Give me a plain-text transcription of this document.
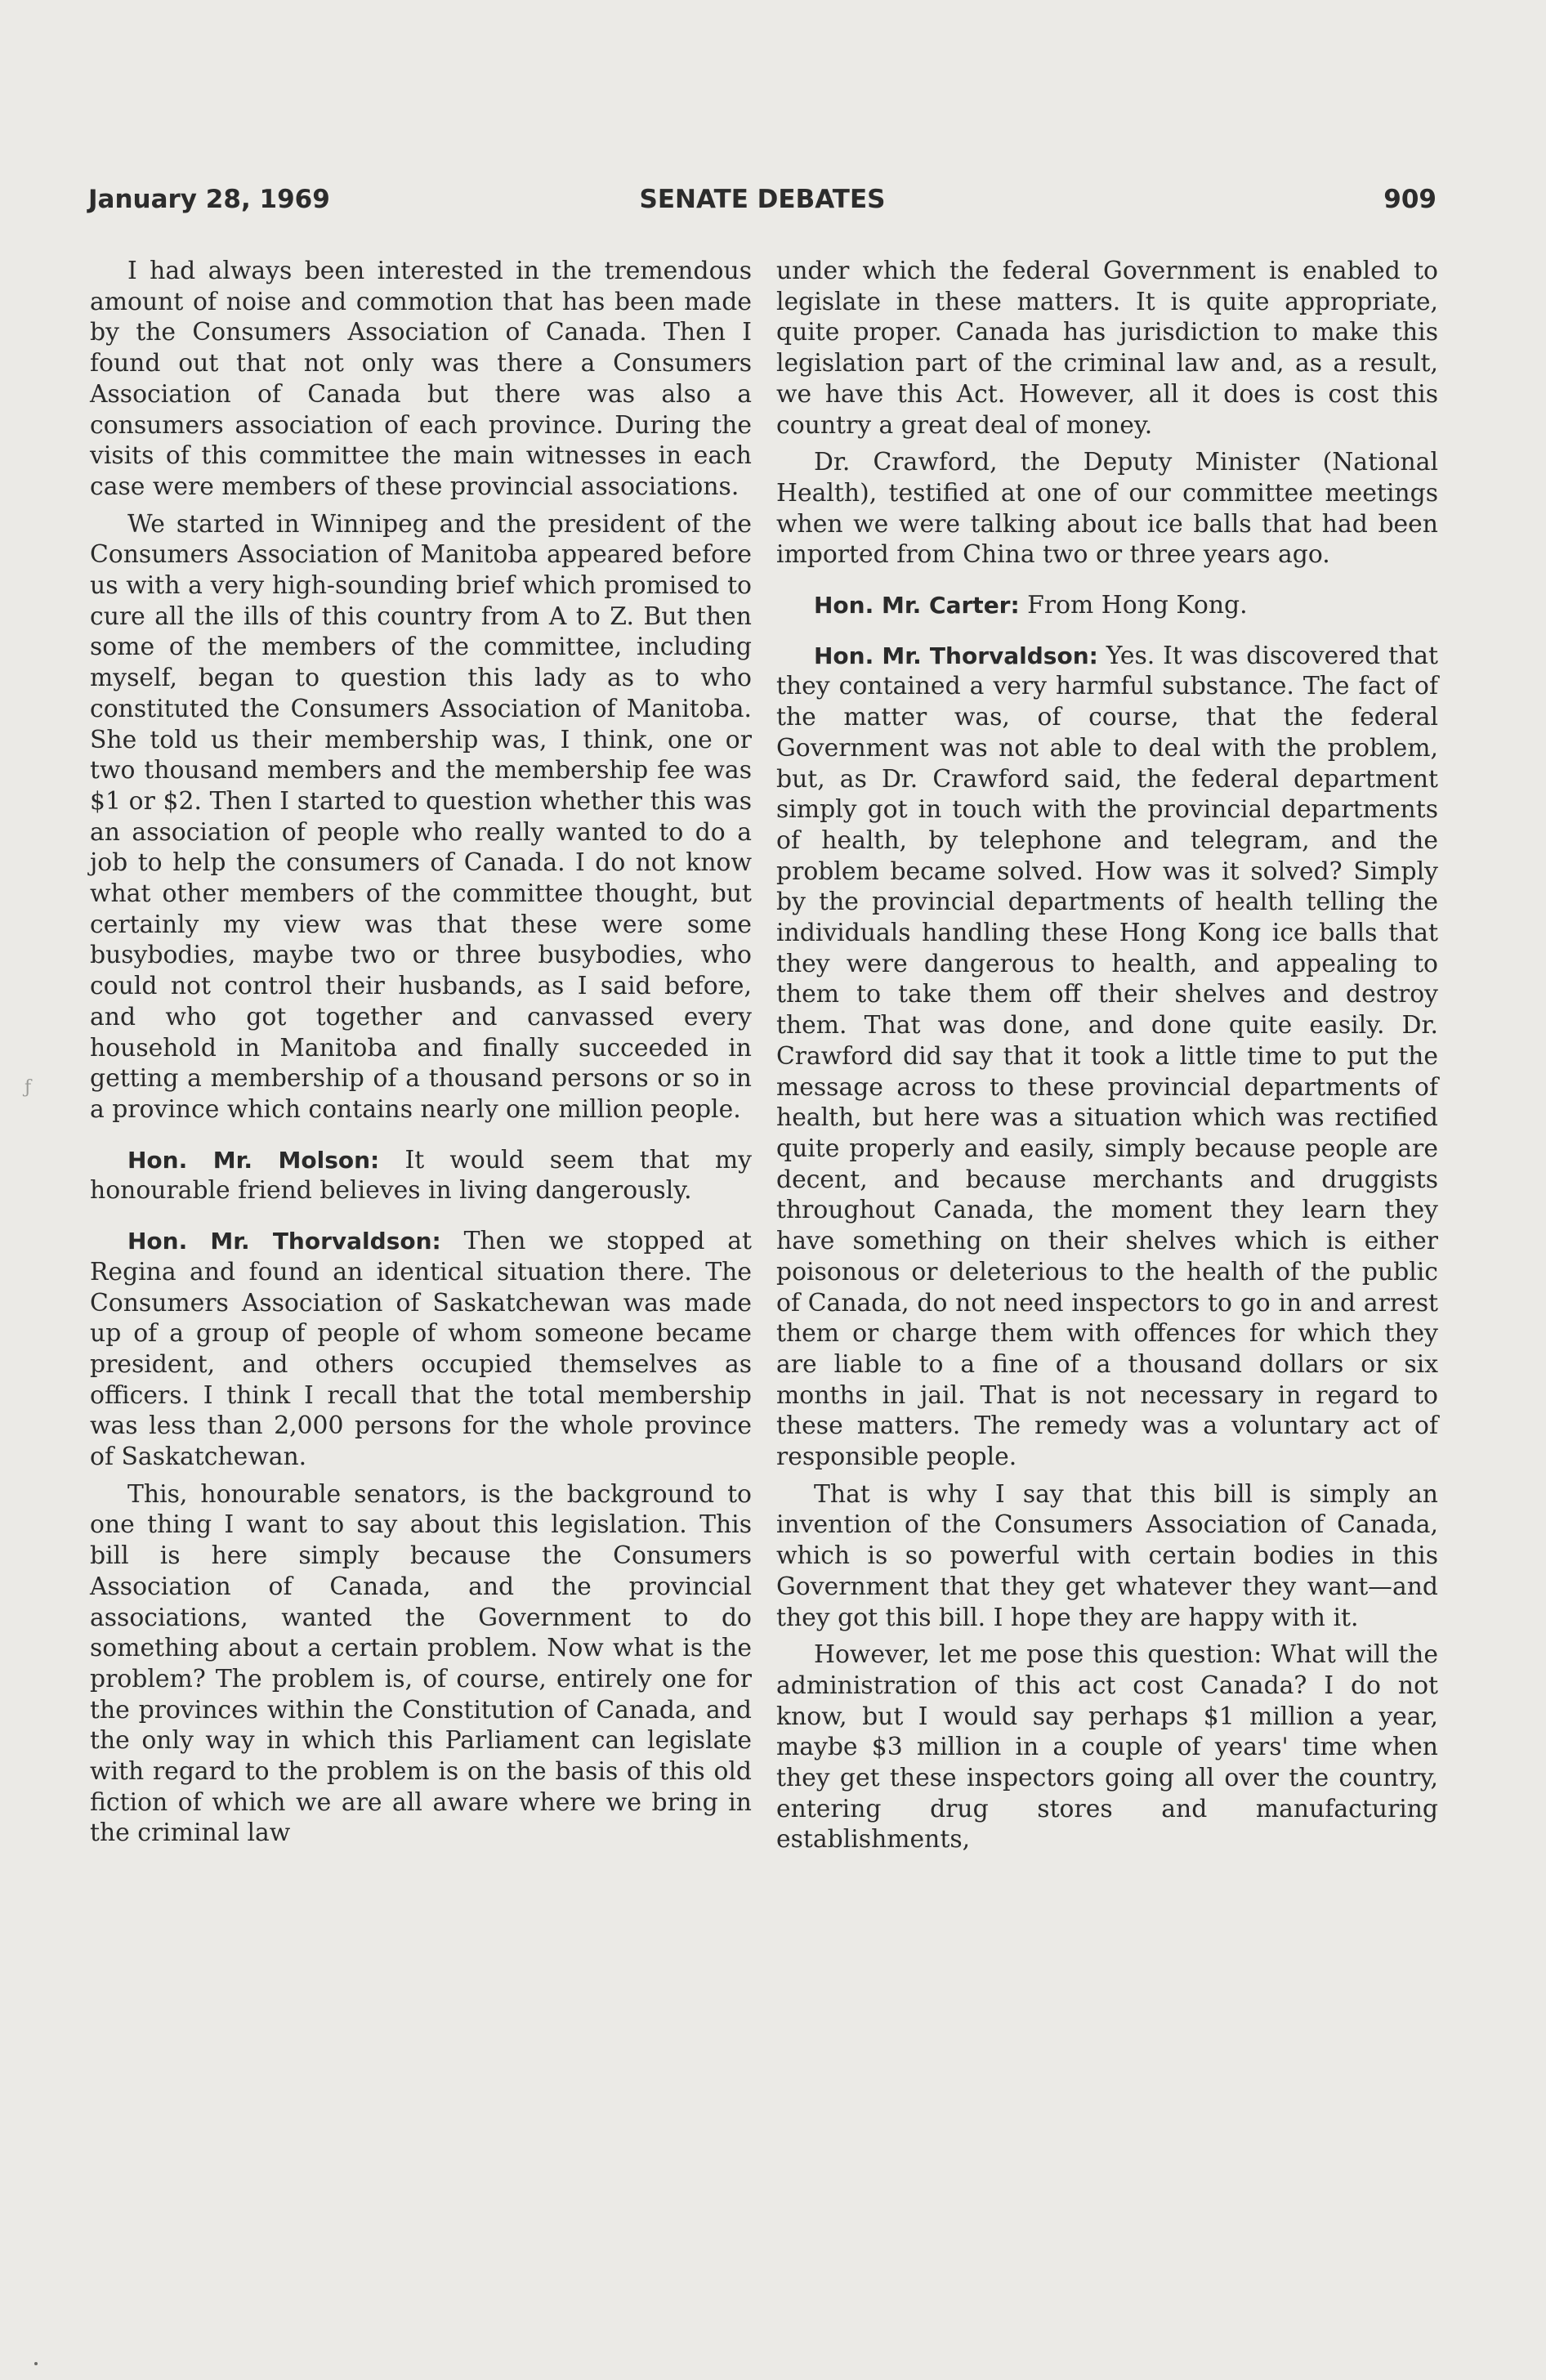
January 28, 1969	SENATE DEBATES	909

I had always been interested in the tremendous amount of noise and commotion that has been made by the Consumers Association of Canada. Then I found out that not only was there a Consumers Association of Canada but there was also a consumers association of each province. During the visits of this committee the main witnesses in each case were members of these provincial associations.

We started in Winnipeg and the president of the Consumers Association of Manitoba appeared before us with a very high-sounding brief which promised to cure all the ills of this country from A to Z. But then some of the members of the committee, including myself, began to question this lady as to who constituted the Consumers Association of Manitoba. She told us their membership was, I think, one or two thousand members and the membership fee was $1 or $2. Then I started to question whether this was an association of people who really wanted to do a job to help the consumers of Canada. I do not know what other members of the committee thought, but certainly my view was that these were some busybodies, maybe two or three busybodies, who could not control their husbands, as I said before, and who got together and canvassed every household in Manitoba and finally succeeded in getting a membership of a thousand persons or so in a province which contains nearly one million people.

Hon. Mr. Molson: It would seem that my honourable friend believes in living dangerously.

Hon. Mr. Thorvaldson: Then we stopped at Regina and found an identical situation there. The Consumers Association of Saskatchewan was made up of a group of people of whom someone became president, and others occupied themselves as officers. I think I recall that the total membership was less than 2,000 persons for the whole province of Saskatchewan.

This, honourable senators, is the background to one thing I want to say about this legislation. This bill is here simply because the Consumers Association of Canada, and the provincial associations, wanted the Government to do something about a certain problem. Now what is the problem? The problem is, of course, entirely one for the provinces within the Constitution of Canada, and the only way in which this Parliament can legislate with regard to the problem is on the basis of this old fiction of which we are all aware where we bring in the criminal law

under which the federal Government is enabled to legislate in these matters. It is quite appropriate, quite proper. Canada has jurisdiction to make this legislation part of the criminal law and, as a result, we have this Act. However, all it does is cost this country a great deal of money.

Dr. Crawford, the Deputy Minister (National Health), testified at one of our committee meetings when we were talking about ice balls that had been imported from China two or three years ago.

Hon. Mr. Carter: From Hong Kong.

Hon. Mr. Thorvaldson: Yes. It was discovered that they contained a very harmful substance. The fact of the matter was, of course, that the federal Government was not able to deal with the problem, but, as Dr. Crawford said, the federal department simply got in touch with the provincial departments of health, by telephone and telegram, and the problem became solved. How was it solved? Simply by the provincial departments of health telling the individuals handling these Hong Kong ice balls that they were dangerous to health, and appealing to them to take them off their shelves and destroy them. That was done, and done quite easily. Dr. Crawford did say that it took a little time to put the message across to these provincial departments of health, but here was a situation which was rectified quite properly and easily, simply because people are decent, and because merchants and druggists throughout Canada, the moment they learn they have something on their shelves which is either poisonous or deleterious to the health of the public of Canada, do not need inspectors to go in and arrest them or charge them with offences for which they are liable to a fine of a thousand dollars or six months in jail. That is not necessary in regard to these matters. The remedy was a voluntary act of responsible people.

That is why I say that this bill is simply an invention of the Consumers Association of Canada, which is so powerful with certain bodies in this Government that they get whatever they want—and they got this bill. I hope they are happy with it.

However, let me pose this question: What will the administration of this act cost Canada? I do not know, but I would say perhaps $1 million a year, maybe $3 million in a couple of years' time when they get these inspectors going all over the country, entering drug stores and manufacturing establishments,

ƒ
